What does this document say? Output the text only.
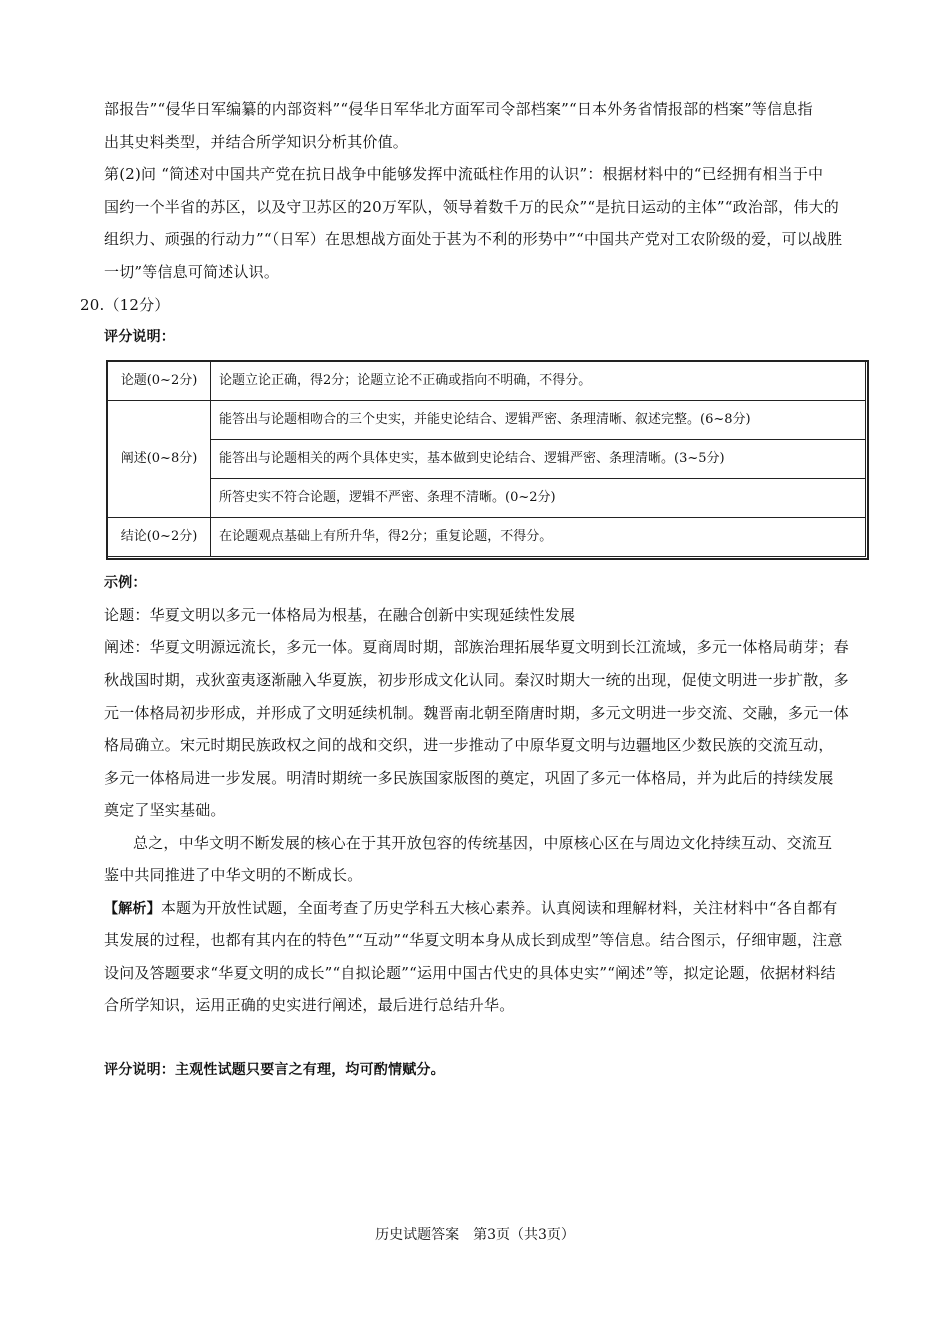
部报告”“侵华日军编纂的内部资料”“侵华日军华北方面军司令部档案”“日本外务省情报部的档案”等信息指
出其史料类型，并结合所学知识分析其价值。
第(2)问 “简述对中国共产党在抗日战争中能够发挥中流砥柱作用的认识”：根据材料中的“已经拥有相当于中
国约一个半省的苏区，以及守卫苏区的20万军队，领导着数千万的民众”“是抗日运动的主体”“政治部，伟大的
组织力、顽强的行动力”“（日军）在思想战方面处于甚为不利的形势中”“中国共产党对工农阶级的爱，可以战胜
一切”等信息可简述认识。
20.（12分）
评分说明：
论题(0~2分)	论题立论正确，得2分；论题立论不正确或指向不明确，不得分。
阐述(0~8分)	能答出与论题相吻合的三个史实，并能史论结合、逻辑严密、条理清晰、叙述完整。(6~8分)
	能答出与论题相关的两个具体史实，基本做到史论结合、逻辑严密、条理清晰。(3~5分)
	所答史实不符合论题，逻辑不严密、条理不清晰。(0~2分)
结论(0~2分)	在论题观点基础上有所升华，得2分；重复论题，不得分。
示例：
论题：华夏文明以多元一体格局为根基，在融合创新中实现延续性发展
阐述：华夏文明源远流长，多元一体。夏商周时期，部族治理拓展华夏文明到长江流域，多元一体格局萌芽；春
秋战国时期，戎狄蛮夷逐渐融入华夏族，初步形成文化认同。秦汉时期大一统的出现，促使文明进一步扩散，多
元一体格局初步形成，并形成了文明延续机制。魏晋南北朝至隋唐时期，多元文明进一步交流、交融，多元一体
格局确立。宋元时期民族政权之间的战和交织，进一步推动了中原华夏文明与边疆地区少数民族的交流互动，
多元一体格局进一步发展。明清时期统一多民族国家版图的奠定，巩固了多元一体格局，并为此后的持续发展
奠定了坚实基础。
总之，中华文明不断发展的核心在于其开放包容的传统基因，中原核心区在与周边文化持续互动、交流互
鉴中共同推进了中华文明的不断成长。
【解析】本题为开放性试题，全面考查了历史学科五大核心素养。认真阅读和理解材料，关注材料中“各自都有
其发展的过程，也都有其内在的特色”“互动”“华夏文明本身从成长到成型”等信息。结合图示，仔细审题，注意
设问及答题要求“华夏文明的成长”“自拟论题”“运用中国古代史的具体史实”“阐述”等，拟定论题，依据材料结
合所学知识，运用正确的史实进行阐述，最后进行总结升华。
评分说明：主观性试题只要言之有理，均可酌情赋分。
历史试题答案　第3页（共3页）
